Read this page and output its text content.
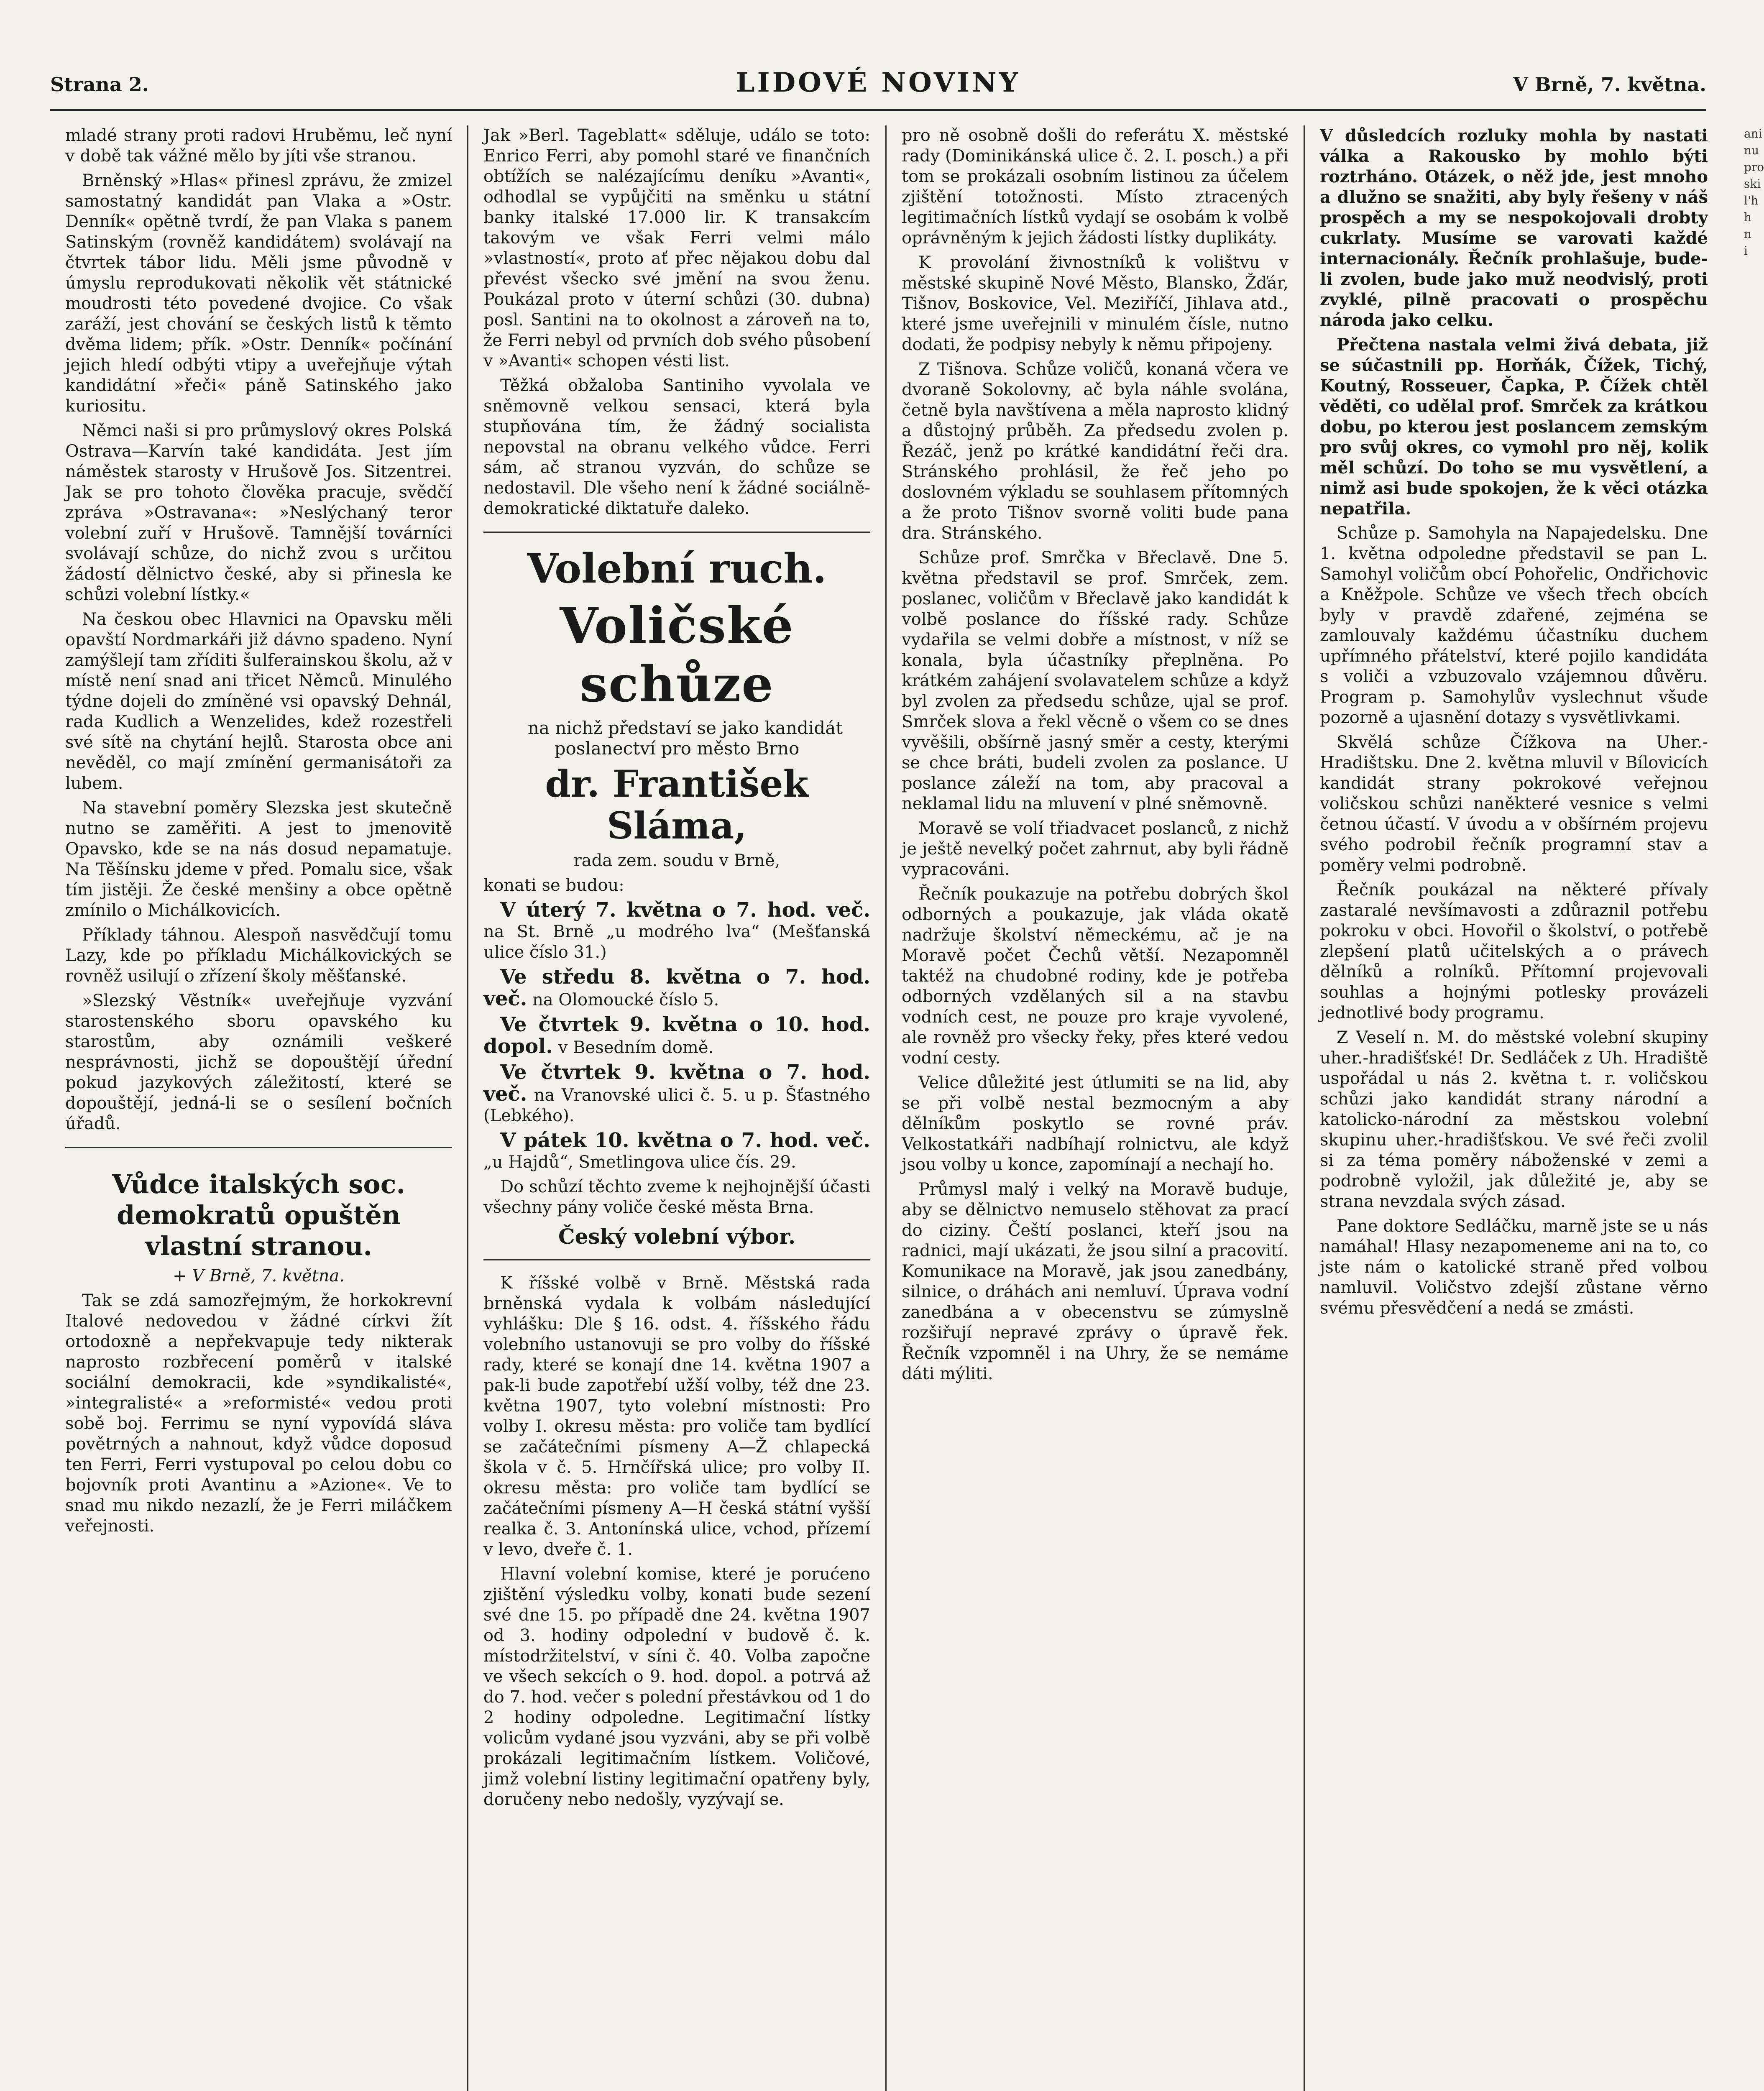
Strana 2.	LIDOVÉ NOVINY	V Brně, 7. května.

mladé strany proti radovi Hruběmu, leč nyní v době tak vážné mělo by jíti vše stranou.

Brněnský »Hlas« přinesl zprávu, že zmizel samostatný kandidát pan Vlaka a »Ostr. Denník« opětně tvrdí, že pan Vlaka s panem Satinským (rovněž kandidátem) svolávají na čtvrtek tábor lidu. Měli jsme původně v úmyslu reprodukovati několik vět státnické moudrosti této povedené dvojice. Co však zaráží, jest chování se českých listů k těmto dvěma lidem; přík. »Ostr. Denník« počínání jejich hledí odbýti vtipy a uveřejňuje výtah kandidátní »řeči« páně Satinského jako kuriositu.

Němci naši si pro průmyslový okres Polská Ostrava—Karvín také kandidáta. Jest jím náměstek starosty v Hrušově Jos. Sitzentrei. Jak se pro tohoto člověka pracuje, svědčí zpráva »Ostravana«: »Neslýchaný teror volební zuří v Hrušově. Tamnější továrníci svolávají schůze, do nichž zvou s určitou žádostí dělnictvo české, aby si přinesla ke schůzi volební lístky.«

Na českou obec Hlavnici na Opavsku měli opavští Nordmarkáři již dávno spadeno. Nyní zamýšlejí tam zříditi šulferainskou školu, až v místě není snad ani třicet Němců. Minulého týdne dojeli do zmíněné vsi opavský Dehnál, rada Kudlich a Wenzelides, kdež rozestřeli své sítě na chytání hejlů. Starosta obce ani nevěděl, co mají zmínění germanisátoři za lubem.

Na stavební poměry Slezska jest skutečně nutno se zaměřiti. A jest to jmenovitě Opavsko, kde se na nás dosud nepamatuje. Na Těšínsku jdeme v před. Pomalu sice, však tím jistěji. Že české menšiny a obce opětně zmínilo o Michálkovicích.

Příklady táhnou. Alespoň nasvědčují tomu Lazy, kde po příkladu Michálkovických se rovněž usilují o zřízení školy měšťanské.

»Slezský Věstník« uveřejňuje vyzvání starostenského sboru opavského ku starostům, aby oznámili veškeré nesprávnosti, jichž se dopouštějí úřední pokud jazykových záležitostí, které se dopouštějí, jedná-li se o sesílení bočních úřadů.

Vůdce italských soc. demokratů opuštěn vlastní stranou.
+ V Brně, 7. května.

Tak se zdá samozřejmým, že horkokrevní Italové nedovedou v žádné církvi žít ortodoxně a nepřekvapuje tedy nikterak naprosto rozbřecení poměrů v italské sociální demokracii, kde »syndikalisté«, »integralisté« a »reformisté« vedou proti sobě boj. Ferrimu se nyní vypovídá sláva povětrných a nahnout, když vůdce doposud ten Ferri, Ferri vystupoval po celou dobu co bojovník proti Avantinu a »Azione«. Ve to snad mu nikdo nezazlí, že je Ferri miláčkem veřejnosti.

Jak »Berl. Tageblatt« sděluje, událo se toto: Enrico Ferri, aby pomohl staré ve finančních obtížích se nalézajícímu deníku »Avanti«, odhodlal se vypůjčiti na směnku u státní banky italské 17.000 lir. K transakcím takovým ve však Ferri velmi málo »vlastností«, proto ať přec nějakou dobu dal převést všecko své jmění na svou ženu. Poukázal proto v úterní schůzi (30. dubna) posl. Santini na to okolnost a zároveň na to, že Ferri nebyl od prvních dob svého působení v »Avanti« schopen vésti list.

Těžká obžaloba Santiniho vyvolala ve sněmovně velkou sensaci, která byla stupňována tím, že žádný socialista nepovstal na obranu velkého vůdce. Ferri sám, ač stranou vyzván, do schůze se nedostavil. Dle všeho není k žádné sociálně-demokratické diktatuře daleko.

Volební ruch.
Voličské schůze

na nichž představí se jako kandidát poslanectví pro město Brno

dr. František Sláma,
rada zem. soudu v Brně,

konati se budou:

V úterý 7. května o 7. hod. več. na St. Brně „u modrého lva“ (Mešťanská ulice číslo 31.)

Ve středu 8. května o 7. hod. več. na Olomoucké číslo 5.

Ve čtvrtek 9. května o 10. hod. dopol. v Besedním domě.

Ve čtvrtek 9. května o 7. hod. več. na Vranovské ulici č. 5. u p. Šťastného (Lebkého).

V pátek 10. května o 7. hod. več. „u Hajdů“, Smetlingova ulice čís. 29.

Do schůzí těchto zveme k nejhojnější účasti všechny pány voliče české města Brna.

Český volební výbor.

K říšské volbě v Brně. Městská rada brněnská vydala k volbám následující vyhlášku: Dle § 16. odst. 4. říšského řádu volebního ustanovuji se pro volby do říšské rady, které se konají dne 14. května 1907 a pak-li bude zapotřebí užší volby, též dne 23. května 1907, tyto volební místnosti: Pro volby I. okresu města: pro voliče tam bydlící se začátečními písmeny A—Ž chlapecká škola v č. 5. Hrnčířská ulice; pro volby II. okresu města: pro voliče tam bydlící se začátečními písmeny A—H česká státní vyšší realka č. 3. Antonínská ulice, vchod, přízemí v levo, dveře č. 1.

Hlavní volební komise, které je porućeno zjištění výsledku volby, konati bude sezení své dne 15. po případě dne 24. května 1907 od 3. hodiny odpolední v budově č. k. místodržitelství, v síni č. 40. Volba započne ve všech sekcích o 9. hod. dopol. a potrvá až do 7. hod. večer s polední přestávkou od 1 do 2 hodiny odpoledne. Legitimační lístky volicům vydané jsou vyzváni, aby se při volbě prokázali legitimačním lístkem. Voličové, jimž volební listiny legitimační opatřeny byly, doručeny nebo nedošly, vyzývají se.

pro ně osobně došli do referátu X. městské rady (Dominikánská ulice č. 2. I. posch.) a při tom se prokázali osobním listinou za účelem zjištění totožnosti. Místo ztracených legitimačních lístků vydají se osobám k volbě oprávněným k jejich žádosti lístky duplikáty.

K provolání živnostníků k volištvu v městské skupině Nové Město, Blansko, Žďár, Tišnov, Boskovice, Vel. Meziříčí, Jihlava atd., které jsme uveřejnili v minulém čísle, nutno dodati, že podpisy nebyly k němu připojeny.

Z Tišnova. Schůze voličů, konaná včera ve dvoraně Sokolovny, ač byla náhle svolána, četně byla navštívena a měla naprosto klidný a důstojný průběh. Za předsedu zvolen p. Řezáč, jenž po krátké kandidátní řeči dra. Stránského prohlásil, že řeč jeho po doslovném výkladu se souhlasem přítomných a že proto Tišnov svorně voliti bude pana dra. Stránského.

Schůze prof. Smrčka v Břeclavě. Dne 5. května představil se prof. Smrček, zem. poslanec, voličům v Břeclavě jako kandidát k volbě poslance do říšské rady. Schůze vydařila se velmi dobře a místnost, v níž se konala, byla účastníky přeplněna. Po krátkém zahájení svolavatelem schůze a když byl zvolen za předsedu schůze, ujal se prof. Smrček slova a řekl věcně o všem co se dnes vyvěšili, obšírně jasný směr a cesty, kterými se chce bráti, budeli zvolen za poslance. U poslance záleží na tom, aby pracoval a neklamal lidu na mluvení v plné sněmovně.

Moravě se volí třiadvacet poslanců, z nichž je ještě nevelký počet zahrnut, aby byli řádně vypracováni.

Řečník poukazuje na potřebu dobrých škol odborných a poukazuje, jak vláda okatě nadržuje školství německému, ač je na Moravě počet Čechů větší. Nezapomněl taktéž na chudobné rodiny, kde je potřeba odborných vzdělaných sil a na stavbu vodních cest, ne pouze pro kraje vyvolené, ale rovněž pro všecky řeky, přes které vedou vodní cesty.

Velice důležité jest útlumiti se na lid, aby se při volbě nestal bezmocným a aby dělníkům poskytlo se rovné práv. Velkostatkáři nadbíhají rolnictvu, ale když jsou volby u konce, zapomínají a nechají ho.

Průmysl malý i velký na Moravě buduje, aby se dělnictvo nemuselo stěhovat za prací do ciziny. Čeští poslanci, kteří jsou na radnici, mají ukázati, že jsou silní a pracovití. Komunikace na Moravě, jak jsou zanedbány, silnice, o dráhách ani nemluví. Úprava vodní zanedbána a v obecenstvu se zúmyslně rozšiřují nepravé zprávy o úpravě řek. Řečník vzpomněl i na Uhry, že se nemáme dáti mýliti.

V důsledcích rozluky mohla by nastati válka a Rakousko by mohlo býti roztrháno. Otázek, o něž jde, jest mnoho a dlužno se snažiti, aby byly řešeny v náš prospěch a my se nespokojovali drobty cukrlaty. Musíme se varovati každé internacionály. Řečník prohlašuje, bude-li zvolen, bude jako muž neodvislý, proti zvyklé, pilně pracovati o prospěchu národa jako celku.

Přečtena nastala velmi živá debata, již se súčastnili pp. Horňák, Čížek, Tichý, Koutný, Rosseuer, Čapka, P. Čížek chtěl věděti, co udělal prof. Smrček za krátkou dobu, po kterou jest poslancem zemským pro svůj okres, co vymohl pro něj, kolik měl schůzí. Do toho se mu vysvětlení, a nimž asi bude spokojen, že k věci otázka nepatřila.

Schůze p. Samohyla na Napajedelsku. Dne 1. května odpoledne představil se pan L. Samohyl voličům obcí Pohořelic, Ondřichovic a Kněžpole. Schůze ve všech třech obcích byly v pravdě zdařené, zejména se zamlouvaly každému účastníku duchem upřímného přátelství, které pojilo kandidáta s voliči a vzbuzovalo vzájemnou důvěru. Program p. Samohylův vyslechnut všude pozorně a ujasnění dotazy s vysvětlivkami.

Skvělá schůze Čížkova na Uher.-Hradištsku. Dne 2. května mluvil v Bílovicích kandidát strany pokrokové veřejnou voličskou schůzi naněkteré vesnice s velmi četnou účastí. V úvodu a v obšírném projevu svého podrobil řečník programní stav a poměry velmi podrobně.

Řečník poukázal na některé přívaly zastaralé nevšímavosti a zdůraznil potřebu pokroku v obci. Hovořil o školství, o potřebě zlepšení platů učitelských a o právech dělníků a rolníků. Přítomní projevovali souhlas a hojnými potlesky provázeli jednotlivé body programu.

Z Veselí n. M. do městské volební skupiny uher.-hradišťské! Dr. Sedláček z Uh. Hradiště uspořádal u nás 2. května t. r. voličskou schůzi jako kandidát strany národní a katolicko-národní za městskou volební skupinu uher.-hradišťskou. Ve své řeči zvolil si za téma poměry náboženské v zemi a podrobně vyložil, jak důležité je, aby se strana nevzdala svých zásad.

Pane doktore Sedláčku, marně jste se u nás namáhal! Hlasy nezapomeneme ani na to, co jste nám o katolické straně před volbou namluvil. Voličstvo zdejší zůstane věrno svému přesvědčení a nedá se zmásti.

ani nu pro ski l'h h n i
